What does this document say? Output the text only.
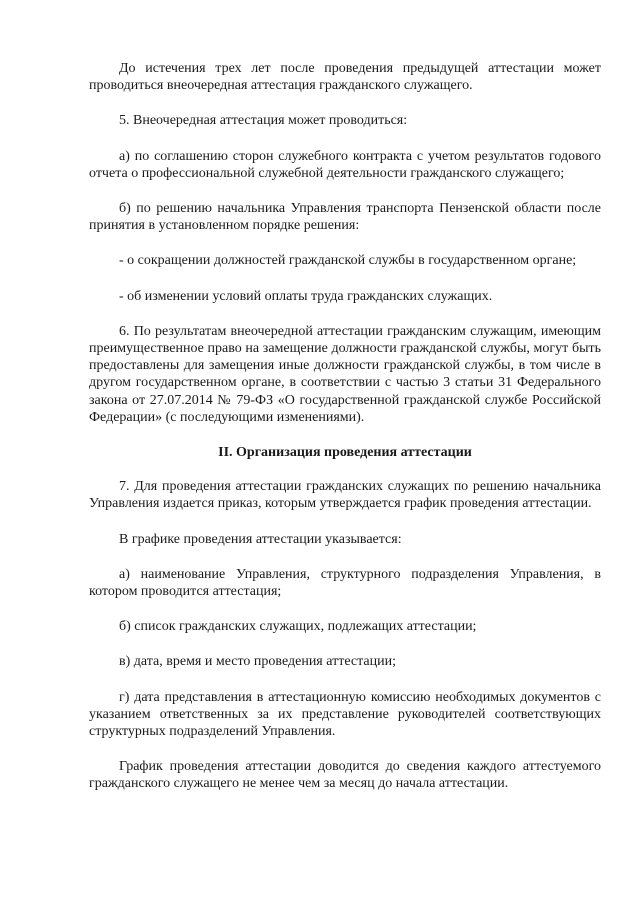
До истечения трех лет после проведения предыдущей аттестации может проводиться внеочередная аттестация гражданского служащего.

5. Внеочередная аттестация может проводиться:

а) по соглашению сторон служебного контракта с учетом результатов годового отчета о профессиональной служебной деятельности гражданского служащего;

б) по решению начальника Управления транспорта Пензенской области после принятия в установленном порядке решения:

- о сокращении должностей гражданской службы в государственном органе;

- об изменении условий оплаты труда гражданских служащих.

6. По результатам внеочередной аттестации гражданским служащим, имеющим преимущественное право на замещение должности гражданской службы, могут быть предоставлены для замещения иные должности гражданской службы, в том числе в другом государственном органе, в соответствии с частью 3 статьи 31 Федерального закона от 27.07.2014 № 79-ФЗ «О государственной гражданской службе Российской Федерации» (с последующими изменениями).

II. Организация проведения аттестации

7. Для проведения аттестации гражданских служащих по решению начальника Управления издается приказ, которым утверждается график проведения аттестации.

В графике проведения аттестации указывается:

а) наименование Управления, структурного подразделения Управления, в котором проводится аттестация;

б) список гражданских служащих, подлежащих аттестации;

в) дата, время и место проведения аттестации;

г) дата представления в аттестационную комиссию необходимых документов с указанием ответственных за их представление руководителей соответствующих структурных подразделений Управления.

График проведения аттестации доводится до сведения каждого аттестуемого гражданского служащего не менее чем за месяц до начала аттестации.
